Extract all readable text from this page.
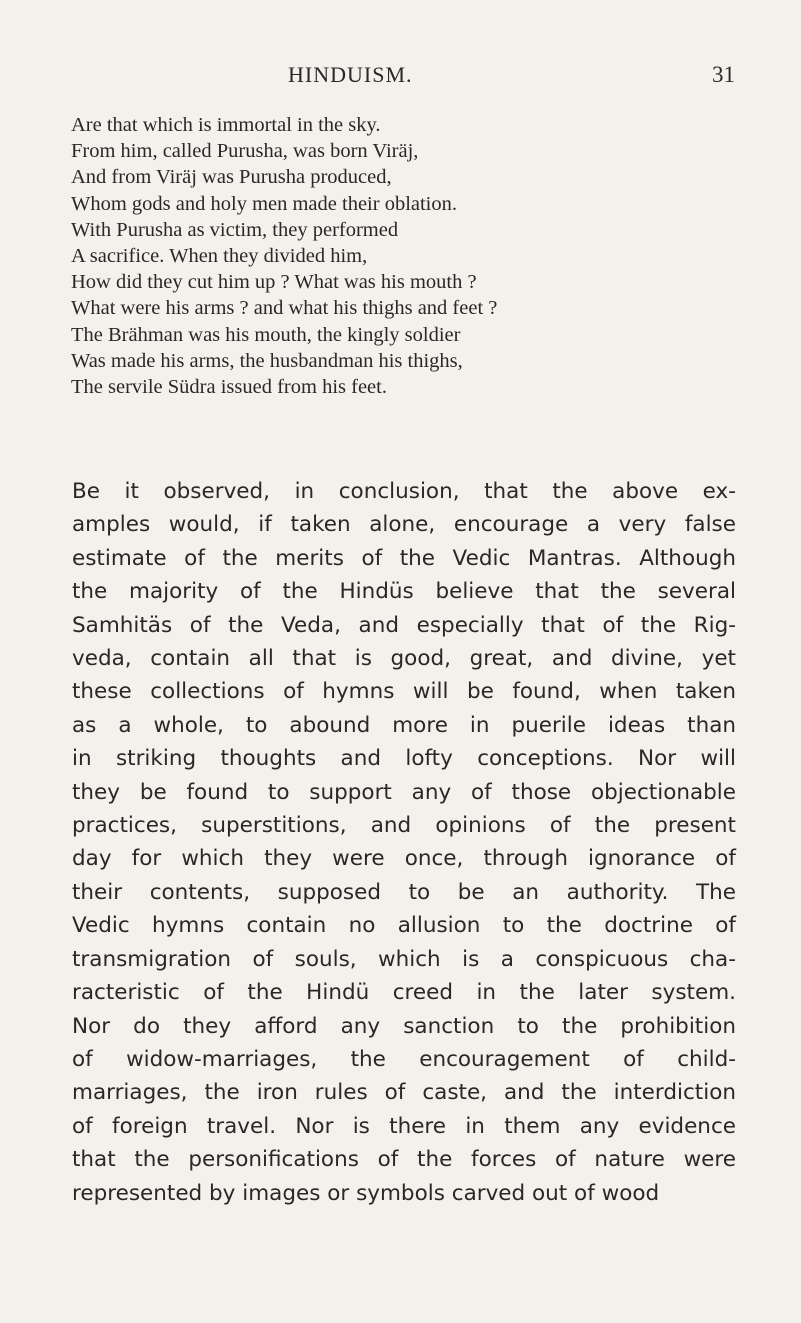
HINDUISM.	31
Are that which is immortal in the sky.
From him, called Purusha, was born Viräj,
And from Viräj was Purusha produced,
Whom gods and holy men made their oblation.
With Purusha as victim, they performed
A sacrifice. When they divided him,
How did they cut him up ? What was his mouth ?
What were his arms ? and what his thighs and feet ?
The Brähman was his mouth, the kingly soldier
Was made his arms, the husbandman his thighs,
The servile Südra issued from his feet.
Be it observed, in conclusion, that the above ex-
amples would, if taken alone, encourage a very false
estimate of the merits of the Vedic Mantras. Although
the majority of the Hindüs believe that the several
Samhitäs of the Veda, and especially that of the Rig-
veda, contain all that is good, great, and divine, yet
these collections of hymns will be found, when taken
as a whole, to abound more in puerile ideas than
in striking thoughts and lofty conceptions. Nor will
they be found to support any of those objectionable
practices, superstitions, and opinions of the present
day for which they were once, through ignorance of
their contents, supposed to be an authority. The
Vedic hymns contain no allusion to the doctrine of
transmigration of souls, which is a conspicuous cha-
racteristic of the Hindü creed in the later system.
Nor do they afford any sanction to the prohibition
of widow-marriages, the encouragement of child-
marriages, the iron rules of caste, and the interdiction
of foreign travel. Nor is there in them any evidence
that the personifications of the forces of nature were
represented by images or symbols carved out of wood
